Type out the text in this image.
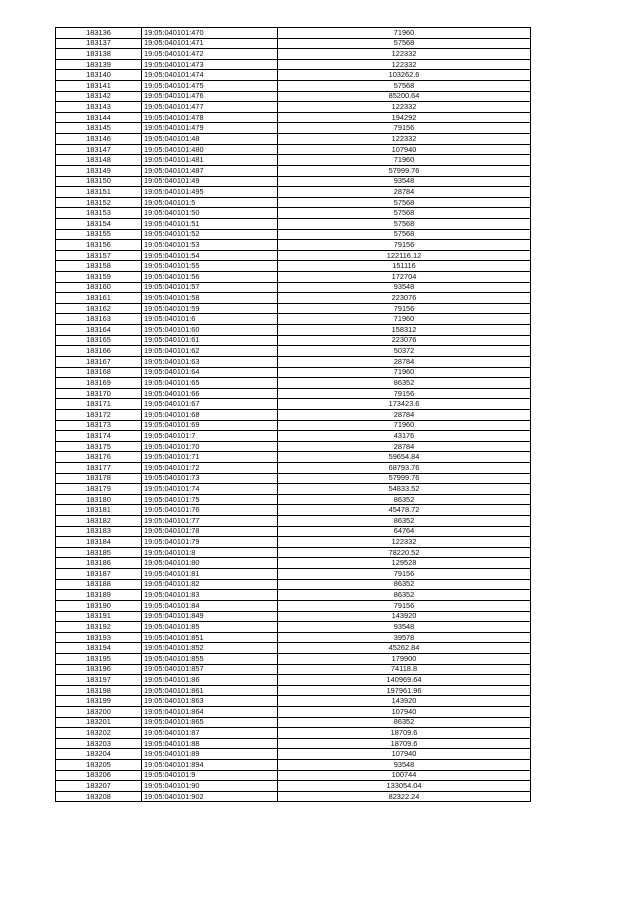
183136	19:05:040101:470	71960
183137	19:05:040101:471	57568
183138	19:05:040101:472	122332
183139	19:05:040101:473	122332
183140	19:05:040101:474	103262.6
183141	19:05:040101:475	57568
183142	19:05:040101:476	85200.64
183143	19:05:040101:477	122332
183144	19:05:040101:478	194292
183145	19:05:040101:479	79156
183146	19:05:040101:48	122332
183147	19:05:040101:480	107940
183148	19:05:040101:481	71960
183149	19:05:040101:487	57999.76
183150	19:05:040101:49	93548
183151	19:05:040101:495	28784
183152	19:05:040101:5	57568
183153	19:05:040101:50	57568
183154	19:05:040101:51	57568
183155	19:05:040101:52	57568
183156	19:05:040101:53	79156
183157	19:05:040101:54	122116.12
183158	19:05:040101:55	151116
183159	19:05:040101:56	172704
183160	19:05:040101:57	93548
183161	19:05:040101:58	223076
183162	19:05:040101:59	79156
183163	19:05:040101:6	71960
183164	19:05:040101:60	158312
183165	19:05:040101:61	223076
183166	19:05:040101:62	50372
183167	19:05:040101:63	28784
183168	19:05:040101:64	71960
183169	19:05:040101:65	86352
183170	19:05:040101:66	79156
183171	19:05:040101:67	173423.6
183172	19:05:040101:68	28784
183173	19:05:040101:69	71960
183174	19:05:040101:7	43176
183175	19:05:040101:70	28784
183176	19:05:040101:71	59654.84
183177	19:05:040101:72	68793.76
183178	19:05:040101:73	57999.76
183179	19:05:040101:74	54833.52
183180	19:05:040101:75	86352
183181	19:05:040101:76	45478.72
183182	19:05:040101:77	86352
183183	19:05:040101:78	64764
183184	19:05:040101:79	122332
183185	19:05:040101:8	78220.52
183186	19:05:040101:80	129528
183187	19:05:040101:81	79156
183188	19:05:040101:82	86352
183189	19:05:040101:83	86352
183190	19:05:040101:84	79156
183191	19:05:040101:849	143920
183192	19:05:040101:85	93548
183193	19:05:040101:851	39578
183194	19:05:040101:852	45262.84
183195	19:05:040101:855	179900
183196	19:05:040101:857	74118.8
183197	19:05:040101:86	140969.64
183198	19:05:040101:861	197961.96
183199	19:05:040101:863	143920
183200	19:05:040101:864	107940
183201	19:05:040101:865	86352
183202	19:05:040101:87	18709.6
183203	19:05:040101:88	18709.6
183204	19:05:040101:89	107940
183205	19:05:040101:894	93548
183206	19:05:040101:9	100744
183207	19:05:040101:90	133054.04
183208	19:05:040101:902	82322.24
